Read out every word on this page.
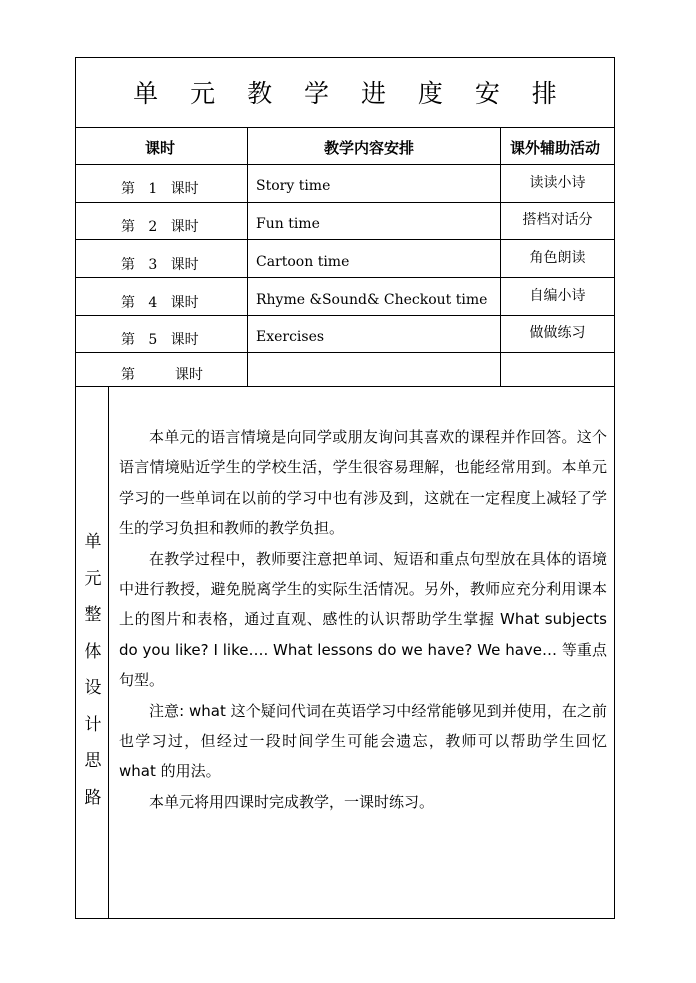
单 元 教 学 进 度 安 排
课时	教学内容安排	课外辅助活动
第   1   课时	Story time	读读小诗
第   2   课时	Fun time	搭档对话分
第   3   课时	Cartoon time	角色朗读
第   4   课时	Rhyme &Sound& Checkout time	自编小诗
第   5   课时	Exercises	做做练习
第         课时
单
元
整
体
设
计
思
路

本单元的语言情境是向同学或朋友询问其喜欢的课程并作回答。这个语言情境贴近学生的学校生活，学生很容易理解，也能经常用到。本单元学习的一些单词在以前的学习中也有涉及到，这就在一定程度上减轻了学生的学习负担和教师的教学负担。

在教学过程中，教师要注意把单词、短语和重点句型放在具体的语境中进行教授，避免脱离学生的实际生活情况。另外，教师应充分利用课本上的图片和表格，通过直观、感性的认识帮助学生掌握 What subjects do you like? I like…. What lessons do we have? We have… 等重点句型。

注意: what 这个疑问代词在英语学习中经常能够见到并使用，在之前也学习过，但经过一段时间学生可能会遗忘，教师可以帮助学生回忆 what 的用法。

本单元将用四课时完成教学，一课时练习。
